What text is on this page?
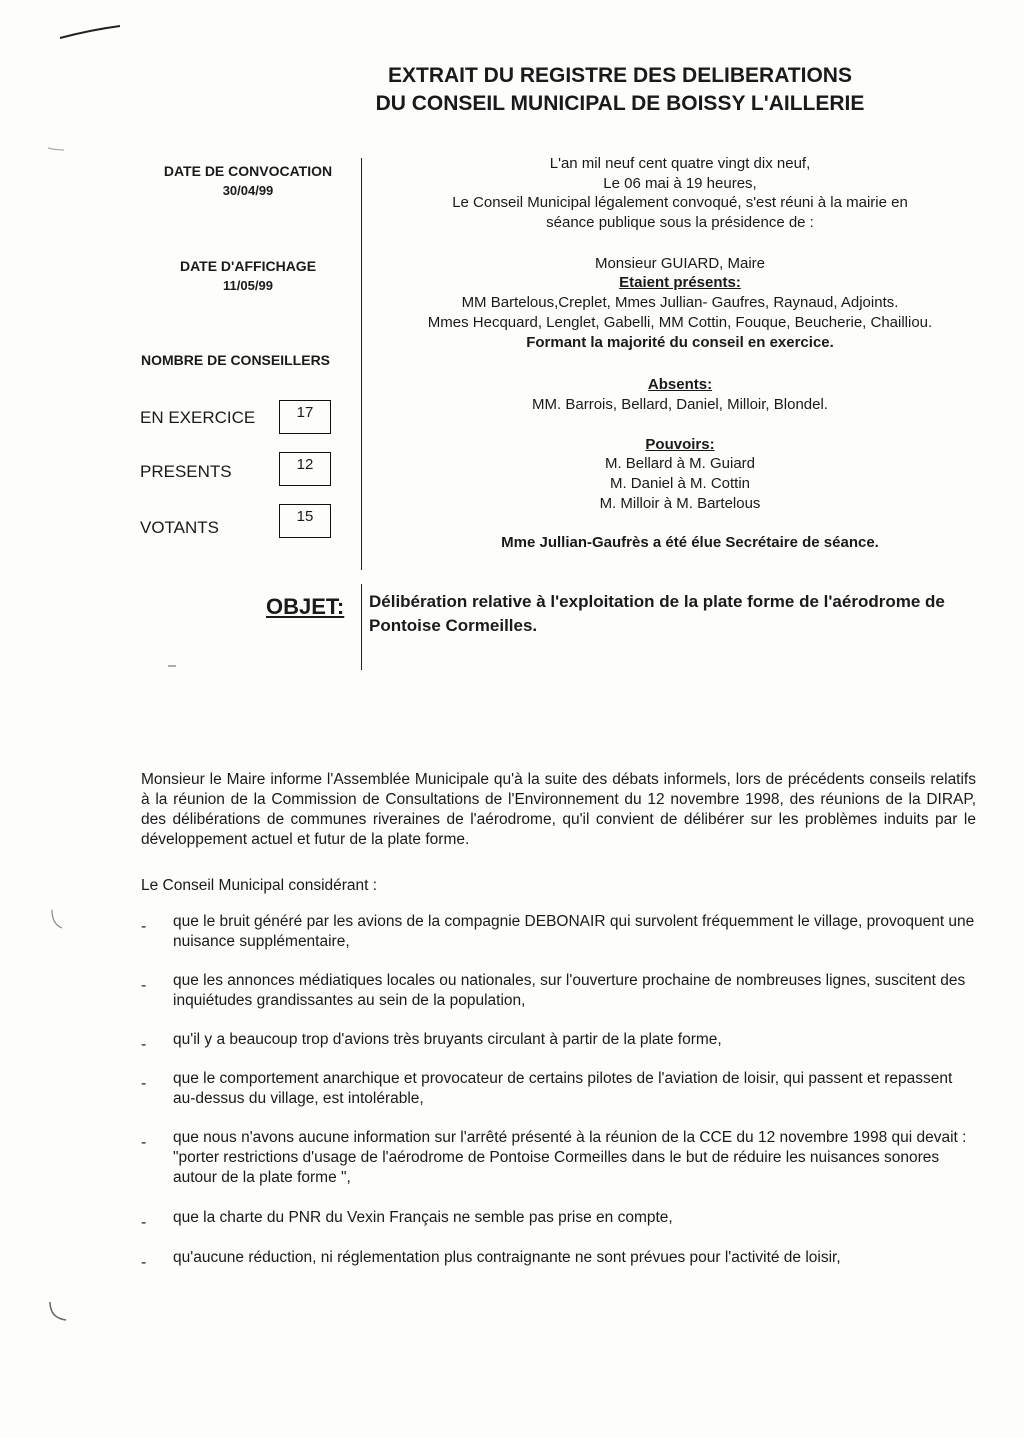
EXTRAIT DU REGISTRE DES DELIBERATIONS
DU CONSEIL MUNICIPAL DE BOISSY L'AILLERIE
DATE DE CONVOCATION
30/04/99
DATE D'AFFICHAGE
11/05/99
NOMBRE DE CONSEILLERS
EN EXERCICE	17
PRESENTS	12
VOTANTS
15
L'an mil neuf cent quatre vingt dix neuf,
Le 06 mai à 19 heures,
Le Conseil Municipal légalement convoqué, s'est réuni à la mairie en
séance publique sous la présidence de :
Monsieur GUIARD, Maire
Etaient présents:
MM Bartelous,Creplet, Mmes Jullian- Gaufres, Raynaud, Adjoints.
Mmes Hecquard, Lenglet, Gabelli, MM Cottin, Fouque, Beucherie, Chailliou.
Formant la majorité du conseil en exercice.
Absents:
MM. Barrois, Bellard, Daniel, Milloir, Blondel.
Pouvoirs:
M. Bellard à M. Guiard
M. Daniel à M. Cottin
M. Milloir à M. Bartelous
Mme Jullian-Gaufrès a été élue Secrétaire de séance.
OBJET: Délibération relative à l'exploitation de la plate forme de l'aérodrome de Pontoise Cormeilles.
Monsieur le Maire informe l'Assemblée Municipale qu'à la suite des débats informels, lors de précédents conseils relatifs à la réunion de la Commission de Consultations de l'Environnement du 12 novembre 1998, des réunions de la DIRAP, des délibérations de communes riveraines de l'aérodrome, qu'il convient de délibérer sur les problèmes induits par le développement actuel et futur de la plate forme.
Le Conseil Municipal considérant :
- que le bruit généré par les avions de la compagnie DEBONAIR qui survolent fréquemment le village, provoquent une nuisance supplémentaire,
- que les annonces médiatiques locales ou nationales, sur l'ouverture prochaine de nombreuses lignes, suscitent des inquiétudes grandissantes au sein de la population,
- qu'il y a beaucoup trop d'avions très bruyants circulant à partir de la plate forme,
- que le comportement anarchique et provocateur de certains pilotes de l'aviation de loisir, qui passent et repassent au-dessus du village, est intolérable,
- que nous n'avons aucune information sur l'arrêté présenté à la réunion de la CCE du 12 novembre 1998 qui devait : "porter restrictions d'usage de l'aérodrome de Pontoise Cormeilles dans le but de réduire les nuisances sonores autour de la plate forme ",
- que la charte du PNR du Vexin Français ne semble pas prise en compte,
- qu'aucune réduction, ni réglementation plus contraignante ne sont prévues pour l'activité de loisir,
